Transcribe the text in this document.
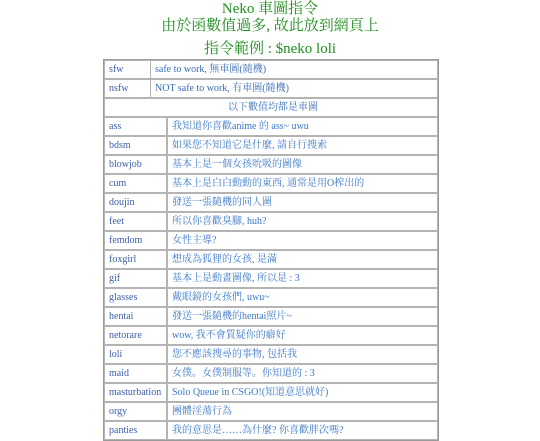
Neko 車圖指令
由於函數值過多, 故此放到網頁上
指令範例 : $neko loli
sfw safe to work, 無車圖(隨機)	

nsfw NOT safe to work, 有車圖(隨機)	

以下數值均都是車圖	
ass	我知道你喜歡anime 的 ass~ uwu
bdsm	如果您不知道它是什麼, 請自行搜索
blowjob	基本上是一個女孩吮吸的圖像
cum	基本上是白白動動的東西, 通常是用O榨出的
doujin	發送一張隨機的同人圖
feet	所以你喜歡臭腳, huh?
femdom	女性主導?
foxgirl	想成為狐狸的女孩, 是滿
gif	基本上是動畫圖像, 所以是 : 3
glasses	戴眼鏡的女孩們, uwu~
hentai	發送一張隨機的hentai照片~
netorare	wow, 我不會質疑你的癖好
loli	您不應該搜尋的事物, 包括我
maid	女僕。女僕制服等。你知道的 : 3
masturbation	Solo Queue in CSGO!(知道意思就好)
orgy	團體淫蕩行為
panties	我的意思是……為什麼? 你喜歡胖次嗎?
